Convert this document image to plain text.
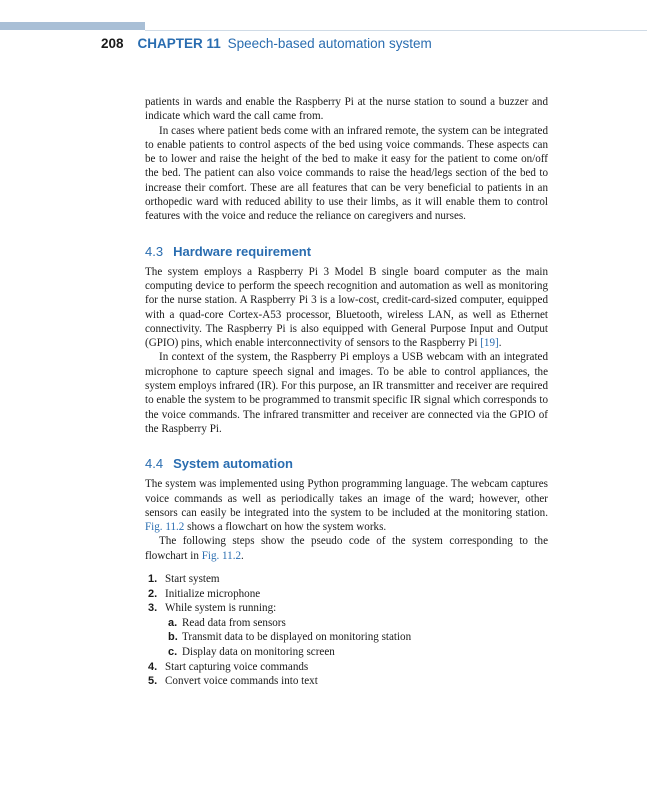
208 CHAPTER 11 Speech-based automation system

patients in wards and enable the Raspberry Pi at the nurse station to sound a buzzer and indicate which ward the call came from.

In cases where patient beds come with an infrared remote, the system can be integrated to enable patients to control aspects of the bed using voice commands. These aspects can be to lower and raise the height of the bed to make it easy for the patient to come on/off the bed. The patient can also voice commands to raise the head/legs section of the bed to increase their comfort. These are all features that can be very beneficial to patients in an orthopedic ward with reduced ability to use their limbs, as it will enable them to control features with the voice and reduce the reliance on caregivers and nurses.

4.3 Hardware requirement

The system employs a Raspberry Pi 3 Model B single board computer as the main computing device to perform the speech recognition and automation as well as monitoring for the nurse station. A Raspberry Pi 3 is a low-cost, credit-card-sized computer, equipped with a quad-core Cortex-A53 processor, Bluetooth, wireless LAN, as well as Ethernet connectivity. The Raspberry Pi is also equipped with General Purpose Input and Output (GPIO) pins, which enable interconnectivity of sensors to the Raspberry Pi [19].

In context of the system, the Raspberry Pi employs a USB webcam with an integrated microphone to capture speech signal and images. To be able to control appliances, the system employs infrared (IR). For this purpose, an IR transmitter and receiver are required to enable the system to be programmed to transmit specific IR signal which corresponds to the voice commands. The infrared transmitter and receiver are connected via the GPIO of the Raspberry Pi.

4.4 System automation

The system was implemented using Python programming language. The webcam captures voice commands as well as periodically takes an image of the ward; however, other sensors can easily be integrated into the system to be included at the monitoring station. Fig. 11.2 shows a flowchart on how the system works.

The following steps show the pseudo code of the system corresponding to the flowchart in Fig. 11.2.

1. Start system
2. Initialize microphone
3. While system is running:
a. Read data from sensors
b. Transmit data to be displayed on monitoring station
c. Display data on monitoring screen
4. Start capturing voice commands
5. Convert voice commands into text
